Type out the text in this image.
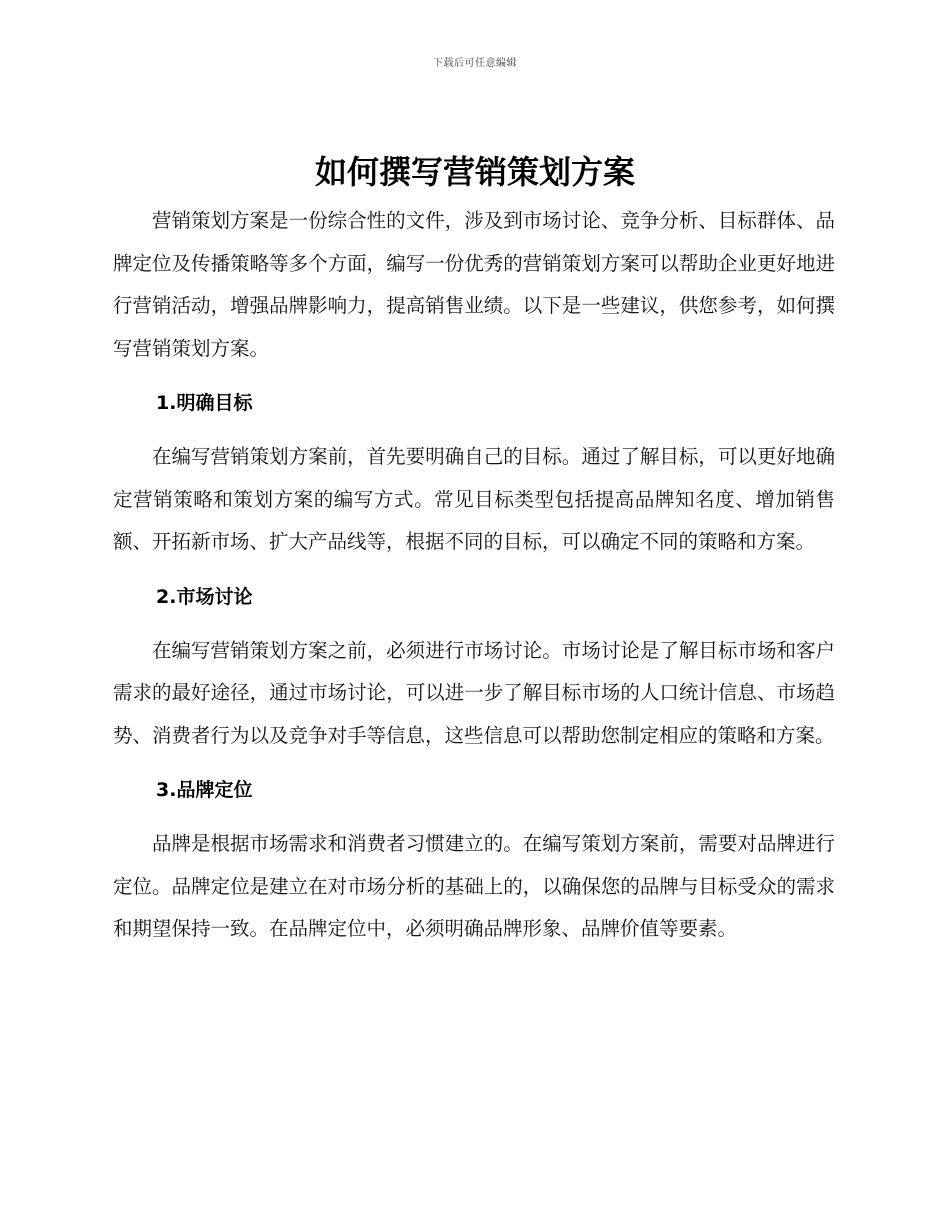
下载后可任意编辑
如何撰写营销策划方案

营销策划方案是一份综合性的文件，涉及到市场讨论、竞争分析、目标群体、品牌定位及传播策略等多个方面，编写一份优秀的营销策划方案可以帮助企业更好地进行营销活动，增强品牌影响力，提高销售业绩。以下是一些建议，供您参考，如何撰写营销策划方案。

1.明确目标

在编写营销策划方案前，首先要明确自己的目标。通过了解目标，可以更好地确定营销策略和策划方案的编写方式。常见目标类型包括提高品牌知名度、增加销售额、开拓新市场、扩大产品线等，根据不同的目标，可以确定不同的策略和方案。

2.市场讨论

在编写营销策划方案之前，必须进行市场讨论。市场讨论是了解目标市场和客户需求的最好途径，通过市场讨论，可以进一步了解目标市场的人口统计信息、市场趋势、消费者行为以及竞争对手等信息，这些信息可以帮助您制定相应的策略和方案。

3.品牌定位

品牌是根据市场需求和消费者习惯建立的。在编写策划方案前，需要对品牌进行定位。品牌定位是建立在对市场分析的基础上的，以确保您的品牌与目标受众的需求和期望保持一致。在品牌定位中，必须明确品牌形象、品牌价值等要素。
